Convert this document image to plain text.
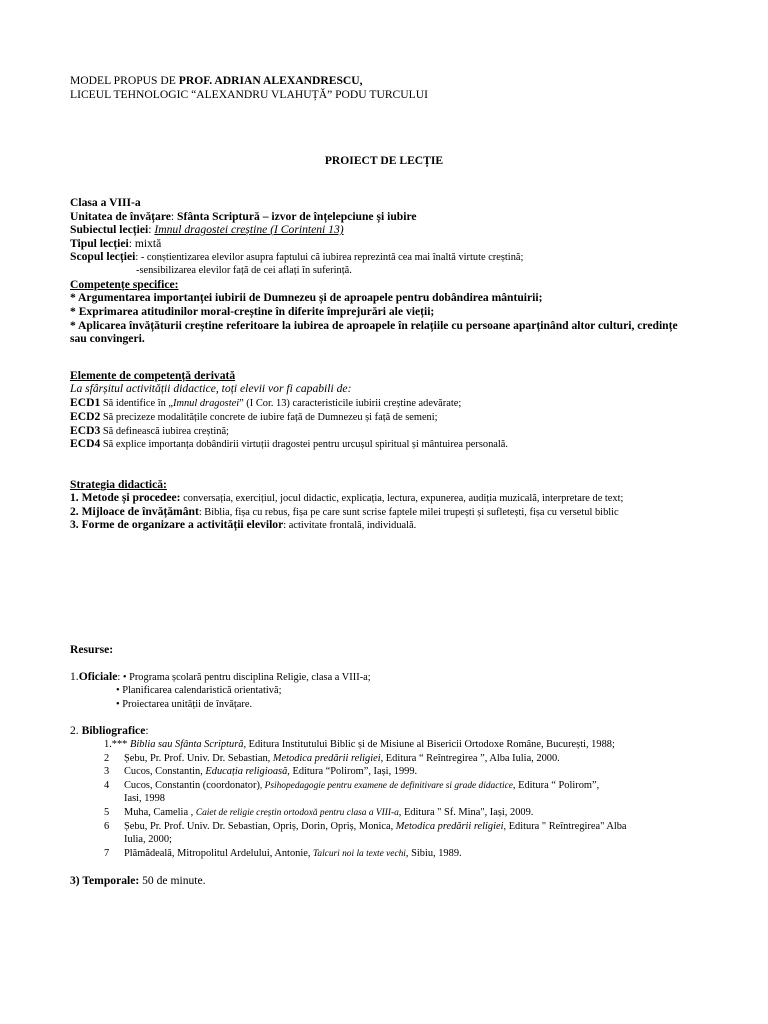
MODEL PROPUS DE PROF. ADRIAN ALEXANDRESCU,
LICEUL TEHNOLOGIC “ALEXANDRU VLAHUȚĂ” PODU TURCULUI
PROIECT DE LECȚIE
Clasa a VIII-a
Unitatea de învățare: Sfânta Scriptură – izvor de înțelepciune și iubire
Subiectul lecției: Imnul dragostei creștine (I Corinteni 13)
Tipul lecției: mixtă
Scopul lecției: - conștientizarea elevilor asupra faptului că iubirea reprezintă cea mai înaltă virtute creștină;
-sensibilizarea elevilor față de cei aflați în suferință.
Competențe specifice:
* Argumentarea importanței iubirii de Dumnezeu și de aproapele pentru dobândirea mântuirii;
* Exprimarea atitudinilor moral-creștine în diferite împrejurări ale vieții;
* Aplicarea învățăturii creștine referitoare la iubirea de aproapele în relațiile cu persoane aparținând altor culturi, credințe
sau convingeri.
Elemente de competență derivată
La sfârșitul activității didactice, toți elevii vor fi capabili de:
ECD1 Să identifice în „Imnul dragostei” (I Cor. 13) caracteristicile iubirii creștine adevărate;
ECD2 Să precizeze modalitățile concrete de iubire față de Dumnezeu și față de semeni;
ECD3 Să definească iubirea creștină;
ECD4 Să explice importanța dobândirii virtuții dragostei pentru urcușul spiritual și mântuirea personală.
Strategia didactică:
1. Metode și procedee: conversația, exercițiul, jocul didactic, explicația, lectura, expunerea, audiția muzicală, interpretare de text;
2. Mijloace de învățământ: Biblia, fișa cu rebus, fișa pe care sunt scrise faptele milei trupești și sufletești, fișa cu versetul biblic
3. Forme de organizare a activității elevilor: activitate frontală, individuală.
Resurse:
1.Oficiale: • Programa școlară pentru disciplina Religie, clasa a VIII-a;
• Planificarea calendaristică orientativă;
• Proiectarea unității de învățare.
2. Bibliografice:
1.*** Biblia sau Sfânta Scriptură, Editura Institutului Biblic și de Misiune al Bisericii Ortodoxe Române, București, 1988;
2 Șebu, Pr. Prof. Univ. Dr. Sebastian, Metodica predării religiei, Editura “ Reîntregirea ”, Alba Iulia, 2000.
3 Cucos, Constantin, Educația religioasă, Editura “Polirom”, Iași, 1999.
4 Cucos, Constantin (coordonator), Psihopedagogie pentru examene de definitivare si grade didactice, Editura “ Polirom”,
Iasi, 1998
5 Muha, Camelia , Caiet de religie creștin ortodoxă pentru clasa a VIII-a, Editura " Sf. Mina", Iași, 2009.
6 Șebu, Pr. Prof. Univ. Dr. Sebastian, Opriș, Dorin, Opriș, Monica, Metodica predării religiei, Editura " Reîntregirea" Alba
Iulia, 2000;
7 Plămădeală, Mitropolitul Ardelului, Antonie, Talcuri noi la texte vechi, Sibiu, 1989.
3) Temporale: 50 de minute.
